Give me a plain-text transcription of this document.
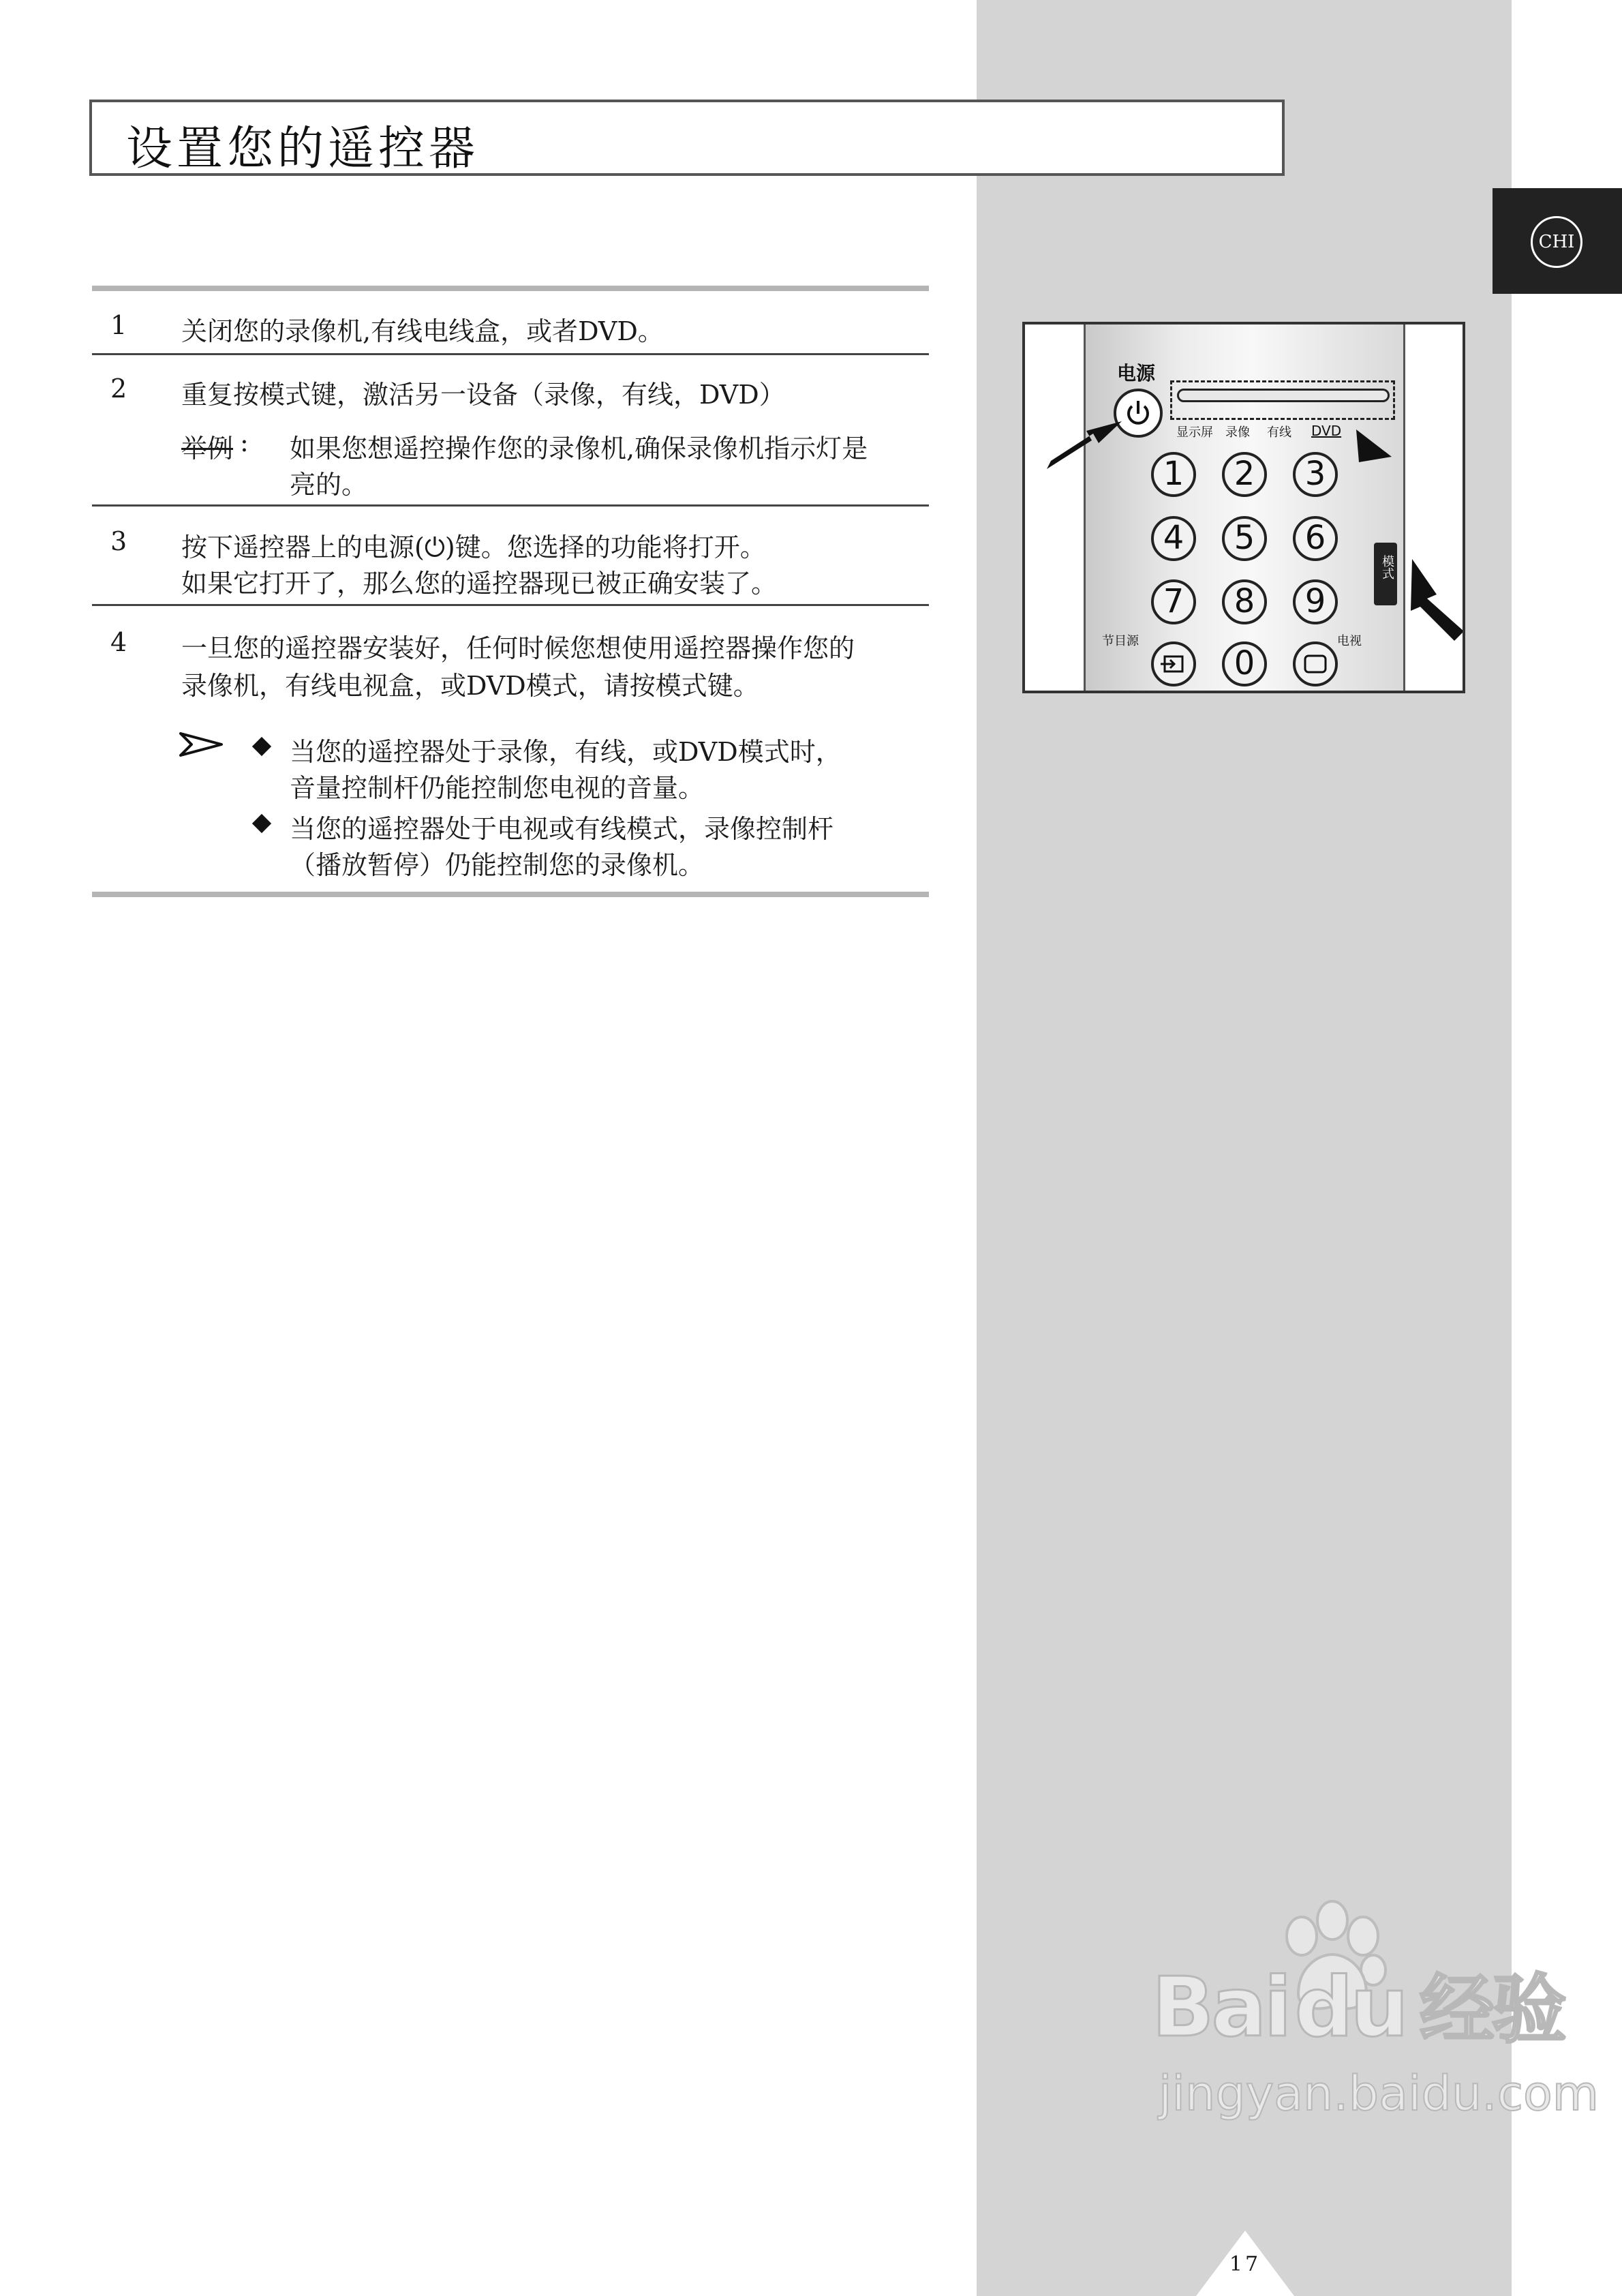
CHI
设置您的遥控器
1 关闭您的录像机,有线电线盒，或者DVD。
2 重复按模式键，激活另一设备（录像，有线，DVD）
举例 : 如果您想遥控操作您的录像机,确保录像机指示灯是
亮的。
3 按下遥控器上的电源(⏻)键。您选择的功能将打开。
如果它打开了，那么您的遥控器现已被正确安装了。
4 一旦您的遥控器安装好，任何时候您想使用遥控器操作您的
录像机，有线电视盒，或DVD模式，请按模式键。
当您的遥控器处于录像，有线，或DVD模式时，
音量控制杆仍能控制您电视的音量。
当您的遥控器处于电视或有线模式，录像控制杆
（播放暂停）仍能控制您的录像机。
电源
显示屏 录像 有线 DVD
1	2	3
4	5	6
7	8	9
0
节目源	电视
模式
Baidu 经验
jingyan.baidu.com
17
